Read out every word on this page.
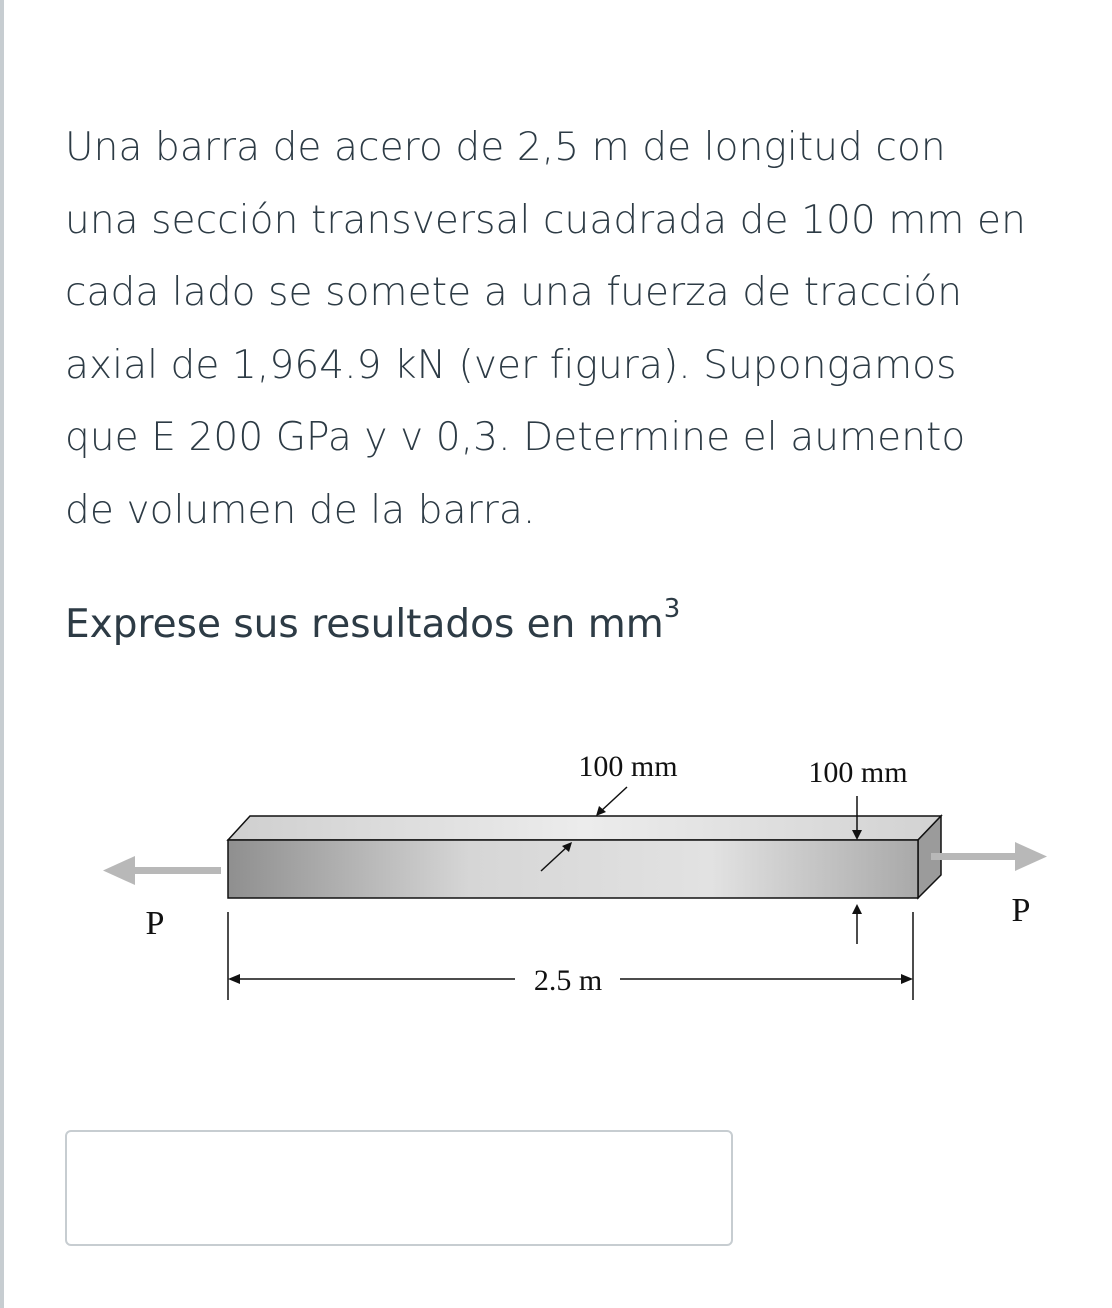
Una barra de acero de 2,5 m de longitud con
una sección transversal cuadrada de 100 mm en
cada lado se somete a una fuerza de tracción
axial de 1,964.9 kN (ver figura). Supongamos
que E 200 GPa y v 0,3. Determine el aumento
de volumen de la barra.
Exprese sus resultados en $mm^3$
100 mm	100 mm
2.5 m
P	P
